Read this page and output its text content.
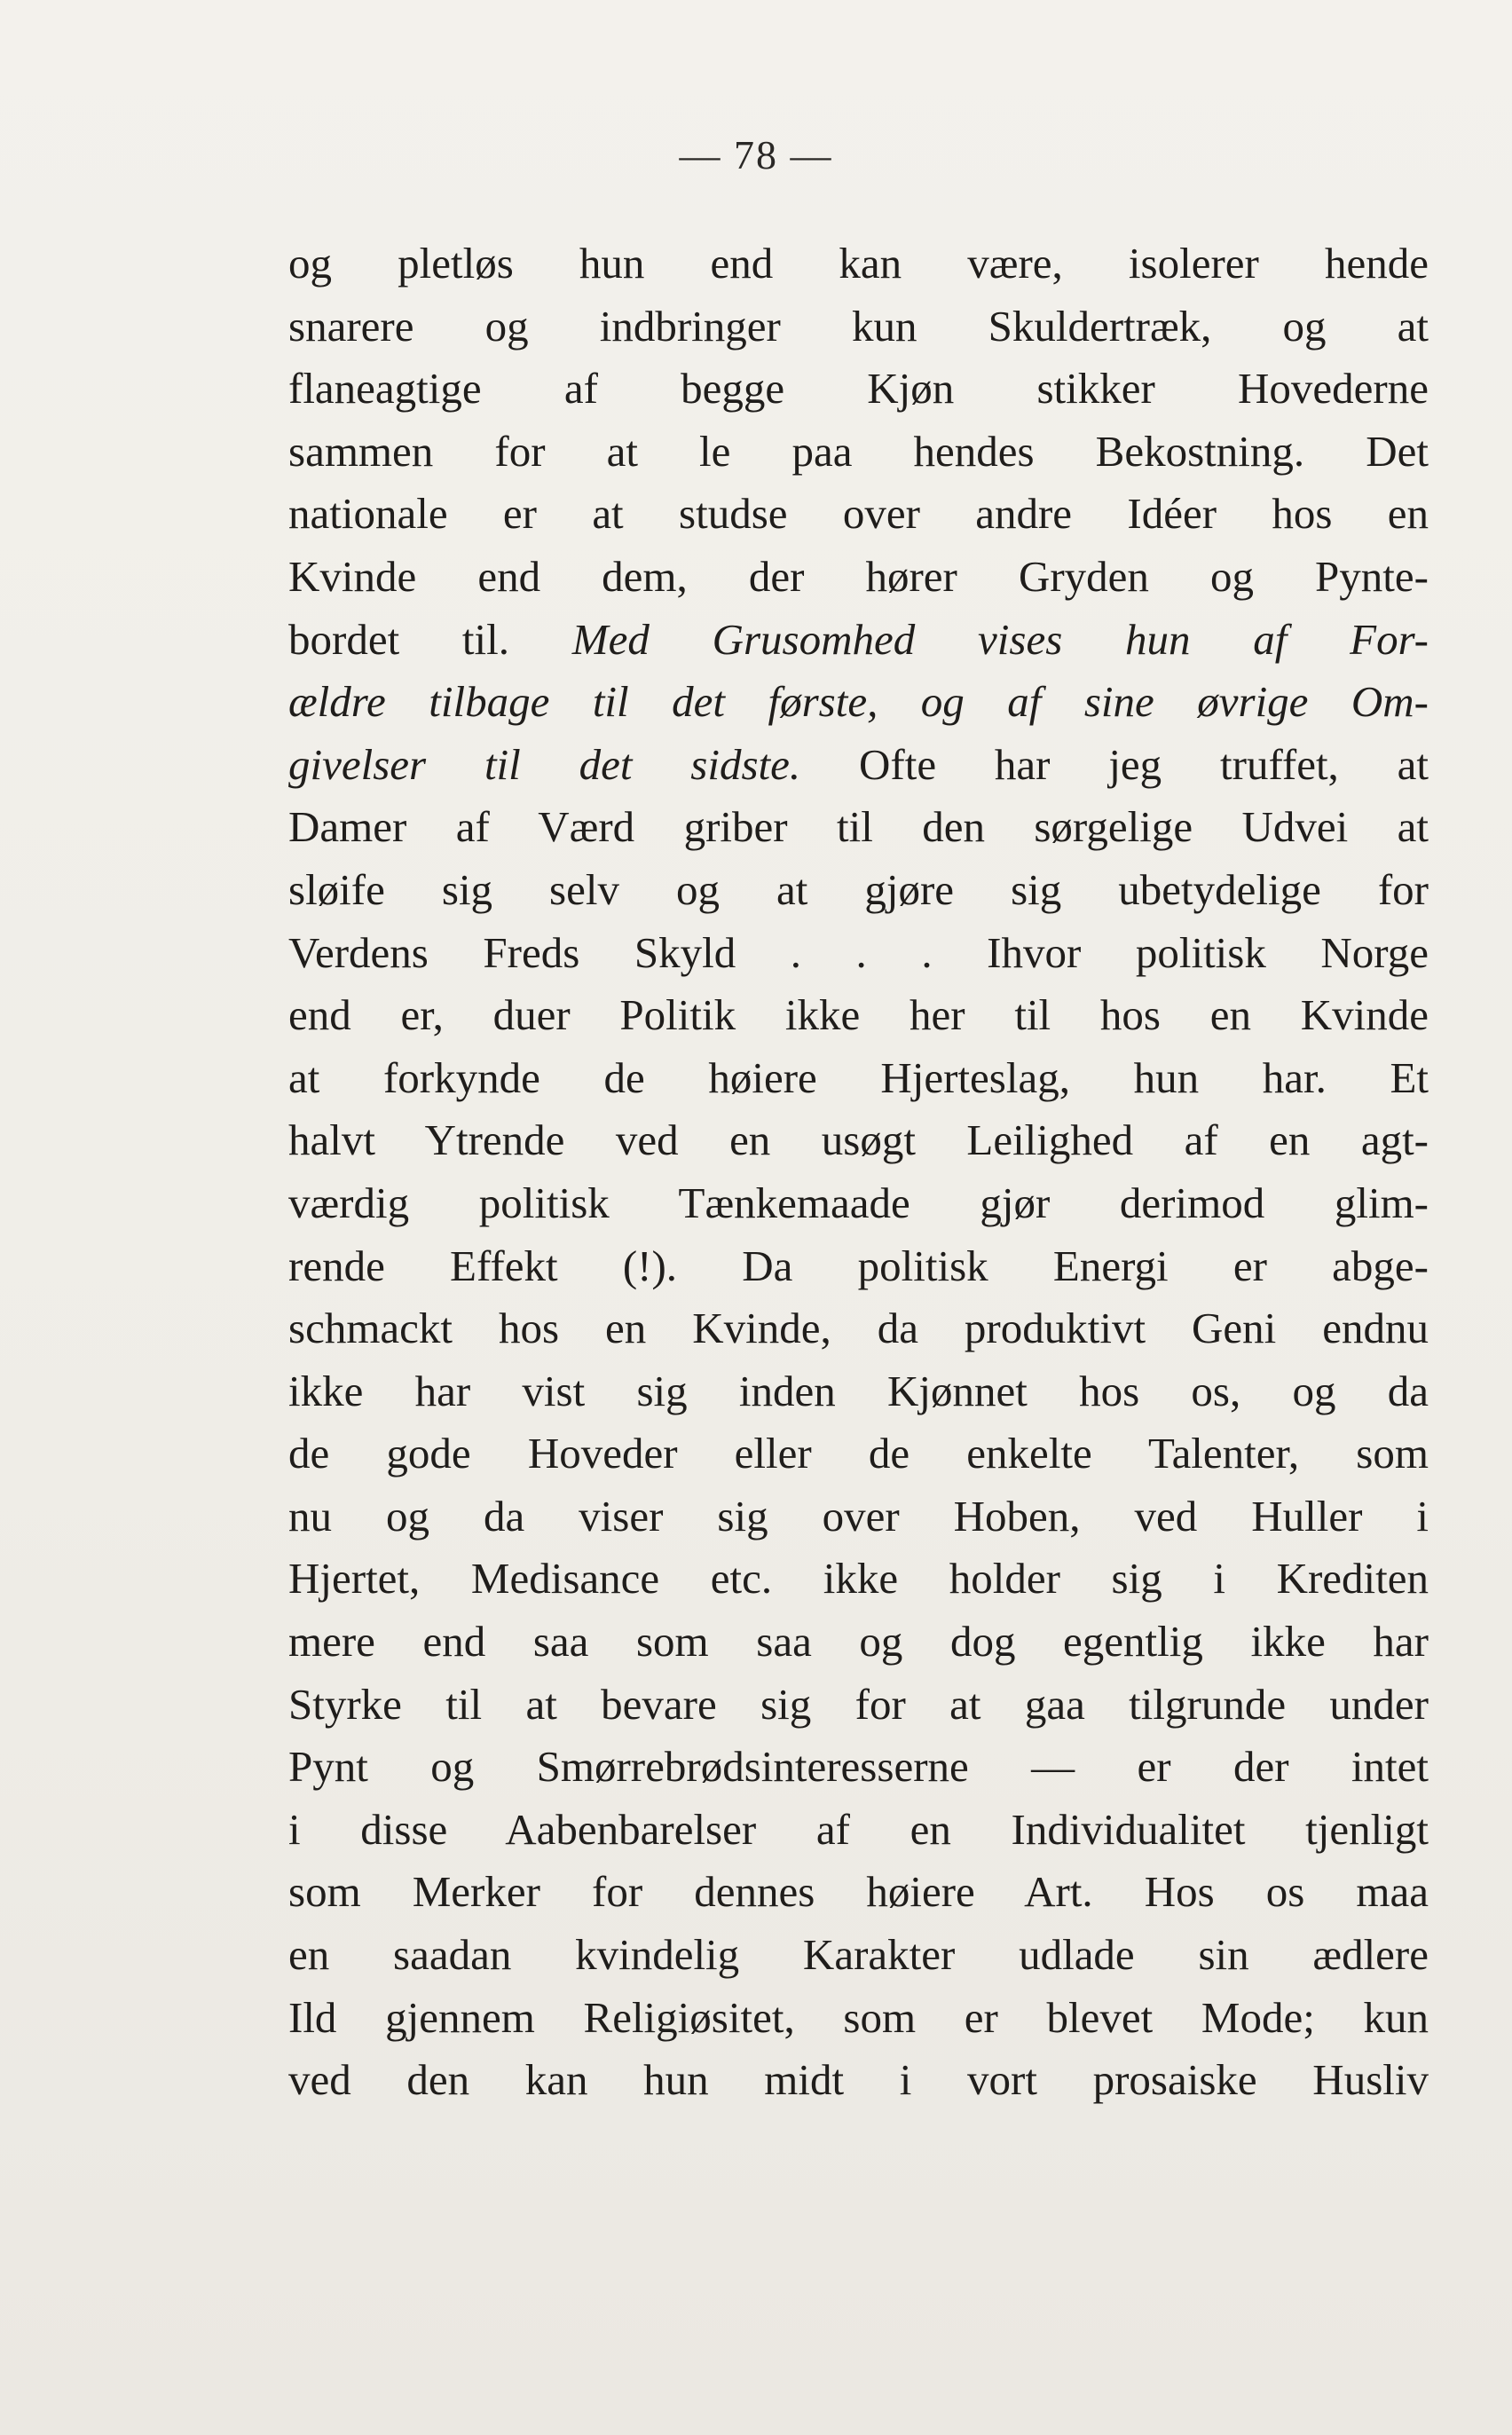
— 78 —
og pletløs hun end kan være, isolerer hende
snarere og indbringer kun Skuldertræk, og at
flaneagtige af begge Kjøn stikker Hovederne
sammen for at le paa hendes Bekostning. Det
nationale er at studse over andre Idéer hos en
Kvinde end dem, der hører Gryden og Pynte-
bordet til. Med Grusomhed vises hun af For-
ældre tilbage til det første, og af sine øvrige Om-
givelser til det sidste. Ofte har jeg truffet, at
Damer af Værd griber til den sørgelige Udvei at
sløife sig selv og at gjøre sig ubetydelige for
Verdens Freds Skyld . . . Ihvor politisk Norge
end er, duer Politik ikke her til hos en Kvinde
at forkynde de høiere Hjerteslag, hun har. Et
halvt Ytrende ved en usøgt Leilighed af en agt-
værdig politisk Tænkemaade gjør derimod glim-
rende Effekt (!). Da politisk Energi er abge-
schmackt hos en Kvinde, da produktivt Geni endnu
ikke har vist sig inden Kjønnet hos os, og da
de gode Hoveder eller de enkelte Talenter, som
nu og da viser sig over Hoben, ved Huller i
Hjertet, Medisance etc. ikke holder sig i Krediten
mere end saa som saa og dog egentlig ikke har
Styrke til at bevare sig for at gaa tilgrunde under
Pynt og Smørrebrødsinteresserne — er der intet
i disse Aabenbarelser af en Individualitet tjenligt
som Merker for dennes høiere Art. Hos os maa
en saadan kvindelig Karakter udlade sin ædlere
Ild gjennem Religiøsitet, som er blevet Mode; kun
ved den kan hun midt i vort prosaiske Husliv
